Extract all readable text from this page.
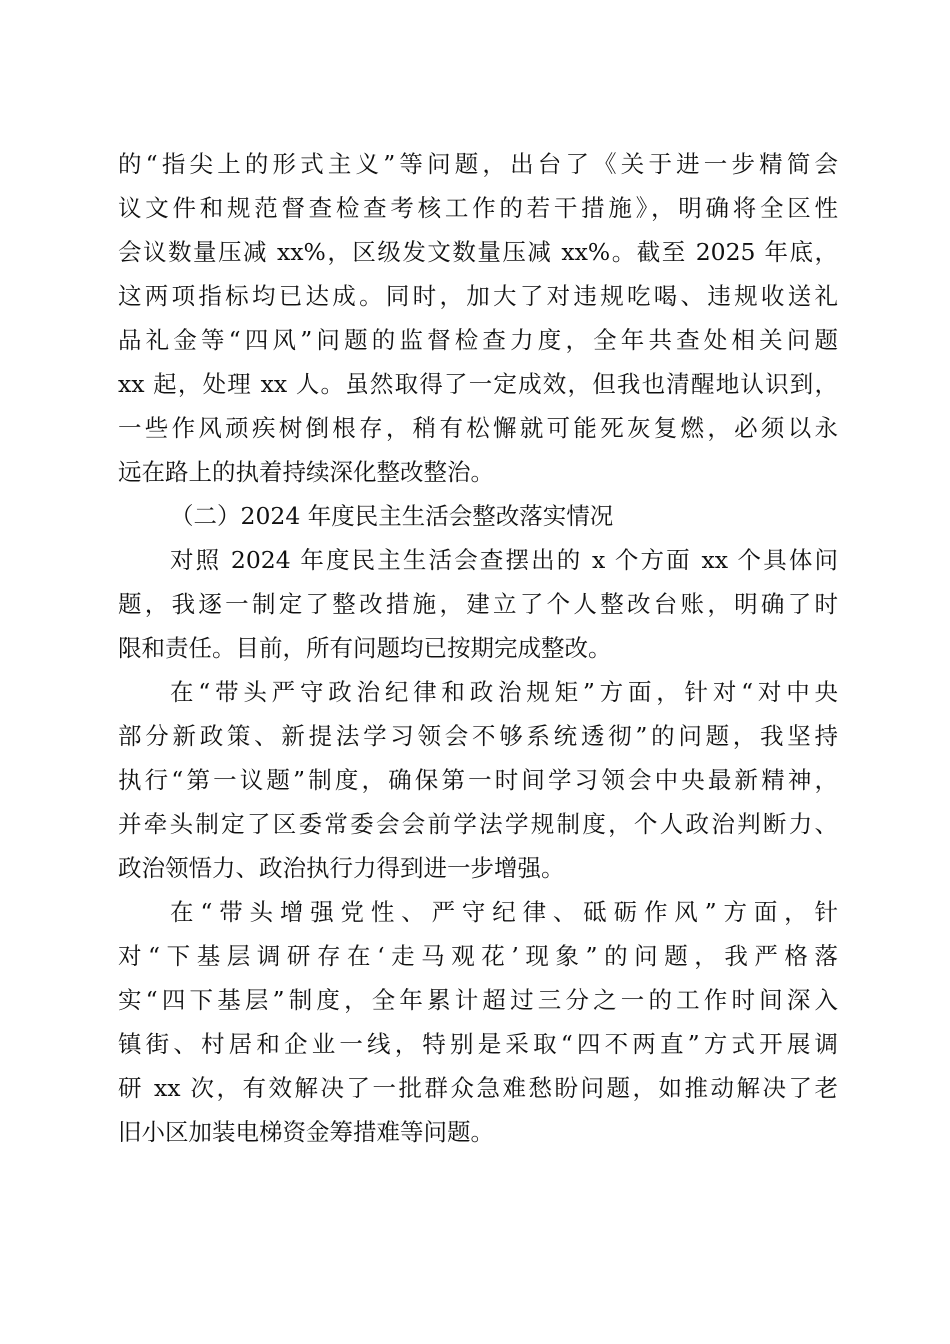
的“指尖上的形式主义”等问题，出台了《关于进一步精简会
议文件和规范督查检查考核工作的若干措施》，明确将全区性
会议数量压减 xx%，区级发文数量压减 xx%。截至 2025 年底，
这两项指标均已达成。同时，加大了对违规吃喝、违规收送礼
品礼金等“四风”问题的监督检查力度，全年共查处相关问题
xx 起，处理 xx 人。虽然取得了一定成效，但我也清醒地认识到，
一些作风顽疾树倒根存，稍有松懈就可能死灰复燃，必须以永
远在路上的执着持续深化整改整治。
（二）2024 年度民主生活会整改落实情况
对照 2024 年度民主生活会查摆出的 x 个方面 xx 个具体问
题，我逐一制定了整改措施，建立了个人整改台账，明确了时
限和责任。目前，所有问题均已按期完成整改。
在“带头严守政治纪律和政治规矩”方面，针对“对中央
部分新政策、新提法学习领会不够系统透彻”的问题，我坚持
执行“第一议题”制度，确保第一时间学习领会中央最新精神，
并牵头制定了区委常委会会前学法学规制度，个人政治判断力、
政治领悟力、政治执行力得到进一步增强。
在“带头增强党性、严守纪律、砥砺作风”方面，针
对“下基层调研存在‘走马观花’现象”的问题，我严格落
实“四下基层”制度，全年累计超过三分之一的工作时间深入
镇街、村居和企业一线，特别是采取“四不两直”方式开展调
研 xx 次，有效解决了一批群众急难愁盼问题，如推动解决了老
旧小区加装电梯资金筹措难等问题。
